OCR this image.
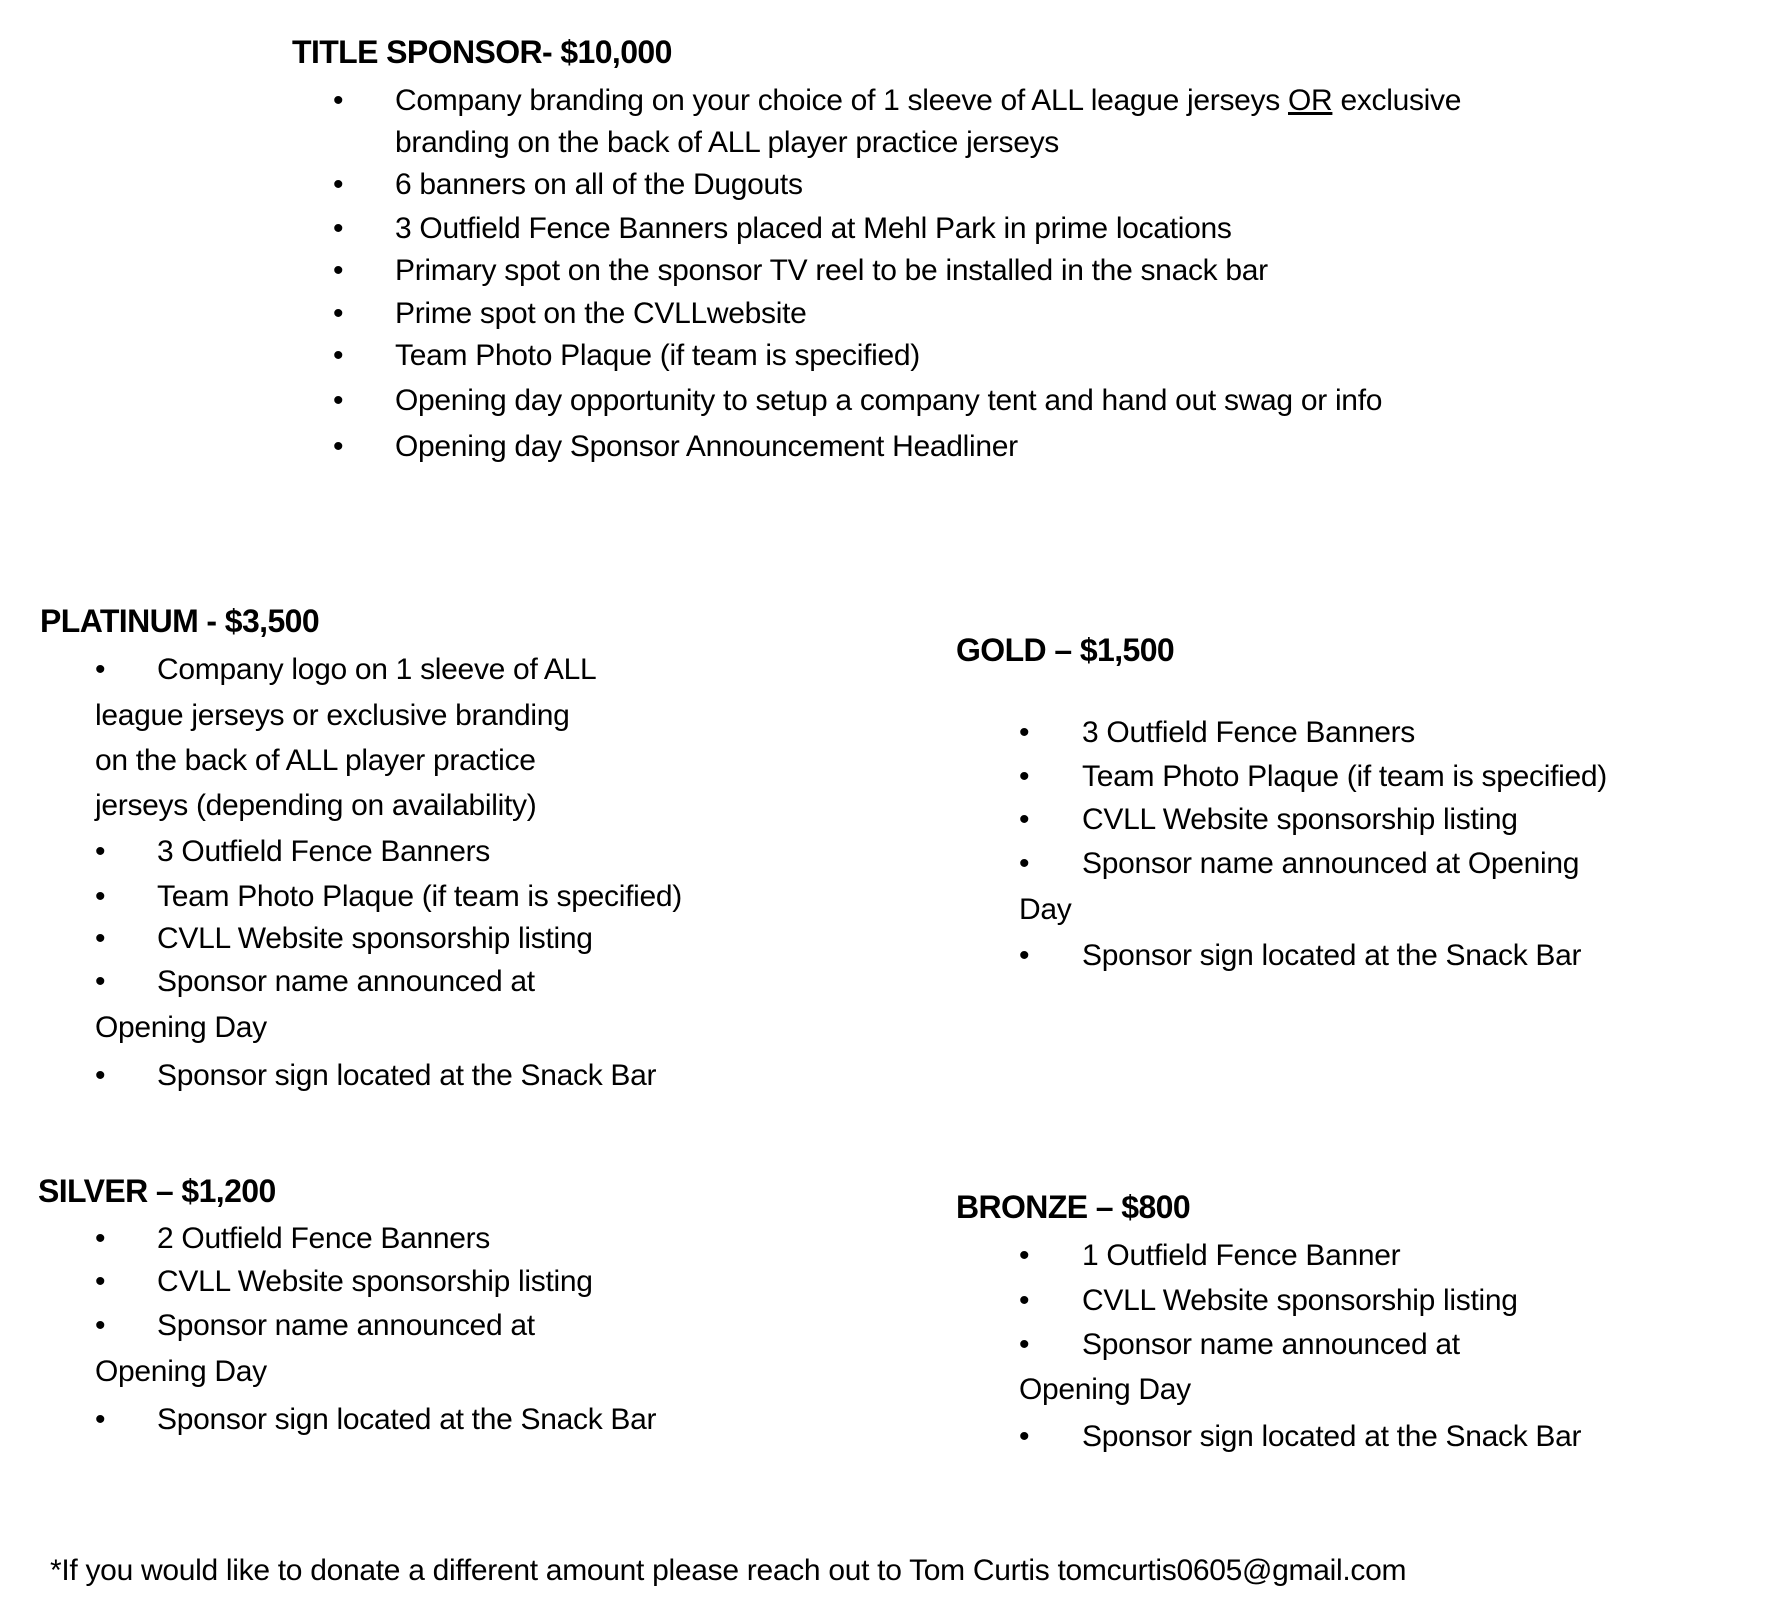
*If you would like to donate a different amount please reach out to Tom Curtis tomcurtis0605@gmail.com
TITLE SPONSOR- $10,000
• Company branding on your choice of 1 sleeve of ALL league jerseys OR exclusive
branding on the back of ALL player practice jerseys
• 6 banners on all of the Dugouts
• 3 Outfield Fence Banners placed at Mehl Park in prime locations
• Primary spot on the sponsor TV reel to be installed in the snack bar
• Prime spot on the CVLLwebsite
• Team Photo Plaque (if team is specified)
• Opening day opportunity to setup a company tent and hand out swag or info
• Opening day Sponsor Announcement Headliner
PLATINUM - $3,500
• Company logo on 1 sleeve of ALL
league jerseys or exclusive branding
on the back of ALL player practice
jerseys (depending on availability)
• 3 Outfield Fence Banners
• Team Photo Plaque (if team is specified)
• CVLL Website sponsorship listing
• Sponsor name announced at
Opening Day
• Sponsor sign located at the Snack Bar
GOLD – $1,500
• 3 Outfield Fence Banners
• Team Photo Plaque (if team is specified)
• CVLL Website sponsorship listing
• Sponsor name announced at Opening
Day
• Sponsor sign located at the Snack Bar
SILVER – $1,200
• 2 Outfield Fence Banners
• CVLL Website sponsorship listing
• Sponsor name announced at
Opening Day
• Sponsor sign located at the Snack Bar
BRONZE – $800
• 1 Outfield Fence Banner
• CVLL Website sponsorship listing
• Sponsor name announced at
Opening Day
• Sponsor sign located at the Snack Bar
